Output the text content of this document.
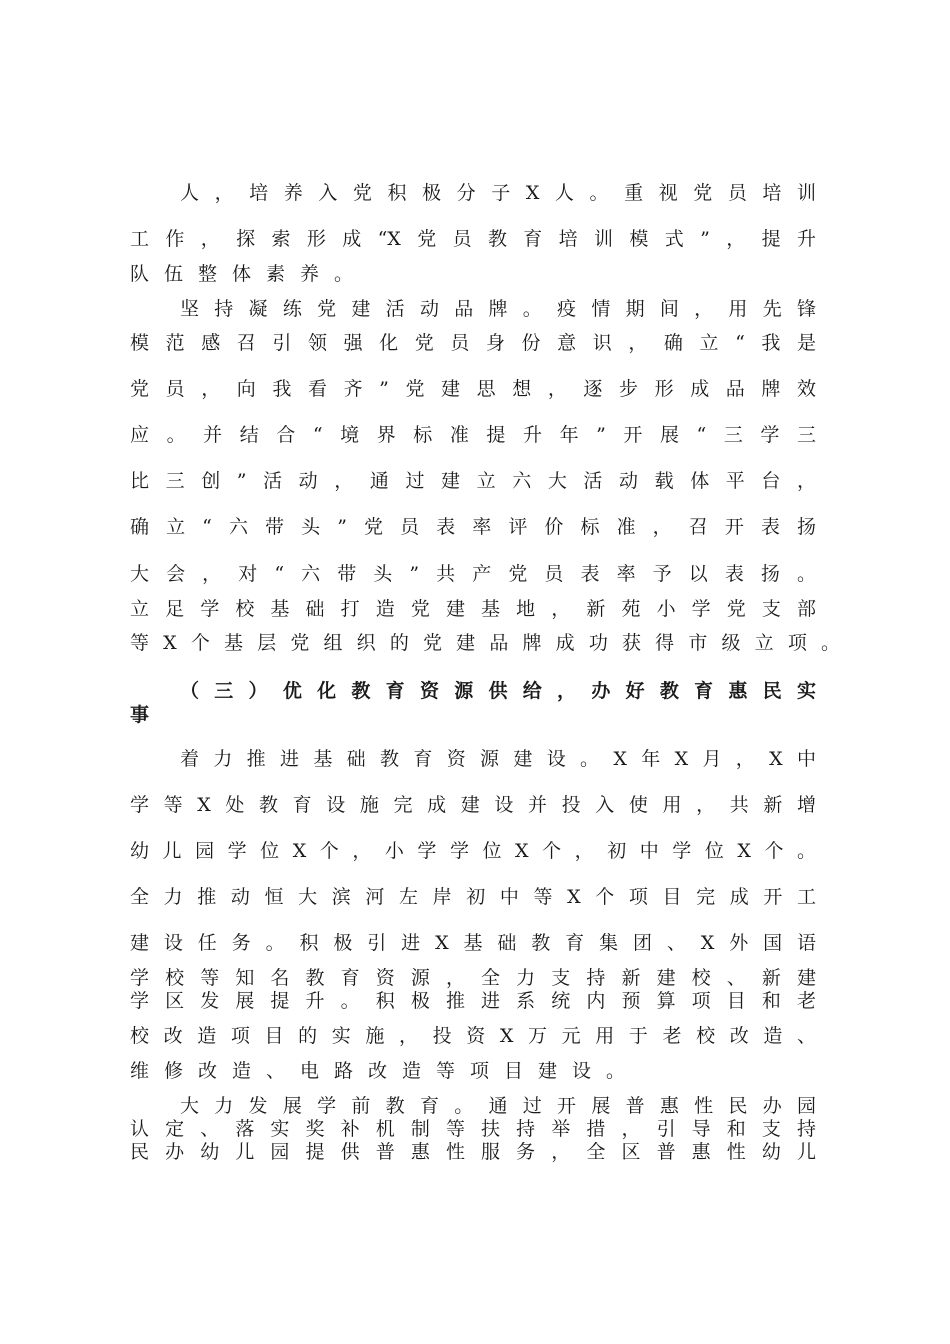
人，培养入党积极分子X人。重视党员培训
工作，探索形成“X党员教育培训模式”，提升
队伍整体素养。
坚持凝练党建活动品牌。疫情期间，用先锋
模范感召引领强化党员身份意识，确立“我是
党员，向我看齐”党建思想，逐步形成品牌效
应。并结合“境界标准提升年”开展“三学三
比三创”活动，通过建立六大活动载体平台，
确立“六带头”党员表率评价标准，召开表扬
大会，对“六带头”共产党员表率予以表扬。
立足学校基础打造党建基地，新苑小学党支部
等X个基层党组织的党建品牌成功获得市级立项。
（三）优化教育资源供给，办好教育惠民实
事
着力推进基础教育资源建设。X年X月，X中
学等X处教育设施完成建设并投入使用，共新增
幼儿园学位X个，小学学位X个，初中学位X个。
全力推动恒大滨河左岸初中等X个项目完成开工
建设任务。积极引进X基础教育集团、X外国语
学校等知名教育资源，全力支持新建校、新建
学区发展提升。积极推进系统内预算项目和老
校改造项目的实施，投资X万元用于老校改造、
维修改造、电路改造等项目建设。
大力发展学前教育。通过开展普惠性民办园
认定、落实奖补机制等扶持举措，引导和支持
民办幼儿园提供普惠性服务，全区普惠性幼儿
